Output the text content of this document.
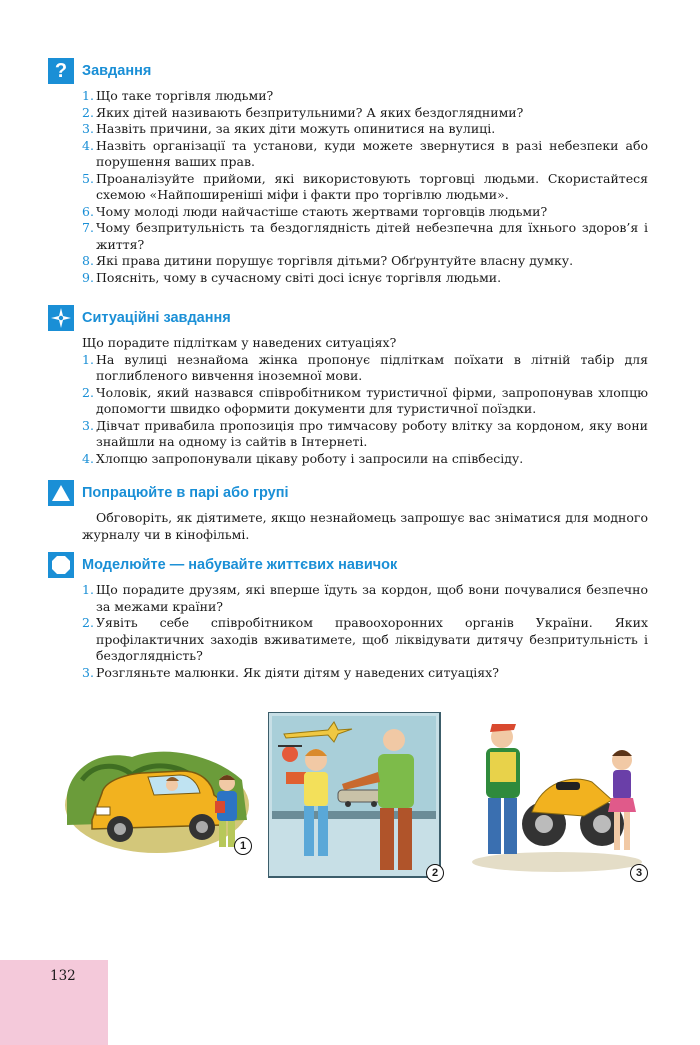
? Завдання
1. Що таке торгівля людьми?
2. Яких дітей називають безпритульними? А яких бездоглядними?
3. Назвіть причини, за яких діти можуть опинитися на вулиці.
4. Назвіть організації та установи, куди можете звернутися в разі небезпеки або порушення ваших прав.
5. Проаналізуйте прийоми, які використовують торговці людьми. Скористайтеся схемою «Найпоширеніші міфи і факти про торгівлю людьми».
6. Чому молоді люди найчастіше стають жертвами торговців людьми?
7. Чому безпритульність та бездоглядність дітей небезпечна для їхнього здоров’я і життя?
8. Які права дитини порушує торгівля дітьми? Обґрунтуйте власну думку.
9. Поясніть, чому в сучасному світі досі існує торгівля людьми.
Ситуаційні завдання
Що порадите підліткам у наведених ситуаціях?
1. На вулиці незнайома жінка пропонує підліткам поїхати в літній табір для поглибленого вивчення іноземної мови.
2. Чоловік, який назвався співробітником туристичної фірми, запропонував хлопцю допомогти швидко оформити документи для туристичної поїздки.
3. Дівчат привабила пропозиція про тимчасову роботу влітку за кордоном, яку вони знайшли на одному із сайтів в Інтернеті.
4. Хлопцю запропонували цікаву роботу і запросили на співбесіду.
Попрацюйте в парі або групі
Обговоріть, як діятимете, якщо незнайомець запрошує вас зніматися для модного журналу чи в кінофільмі.
Моделюйте — набувайте життєвих навичок
1. Що порадите друзям, які вперше їдуть за кордон, щоб вони почувалися безпечно за межами країни?
2. Уявіть себе співробітником правоохоронних органів України. Яких профілактичних заходів вживатимете, щоб ліквідувати дитячу безпритульність і бездоглядність?
3. Розгляньте малюнки. Як діяти дітям у наведених ситуаціях?
1
2	3
132
